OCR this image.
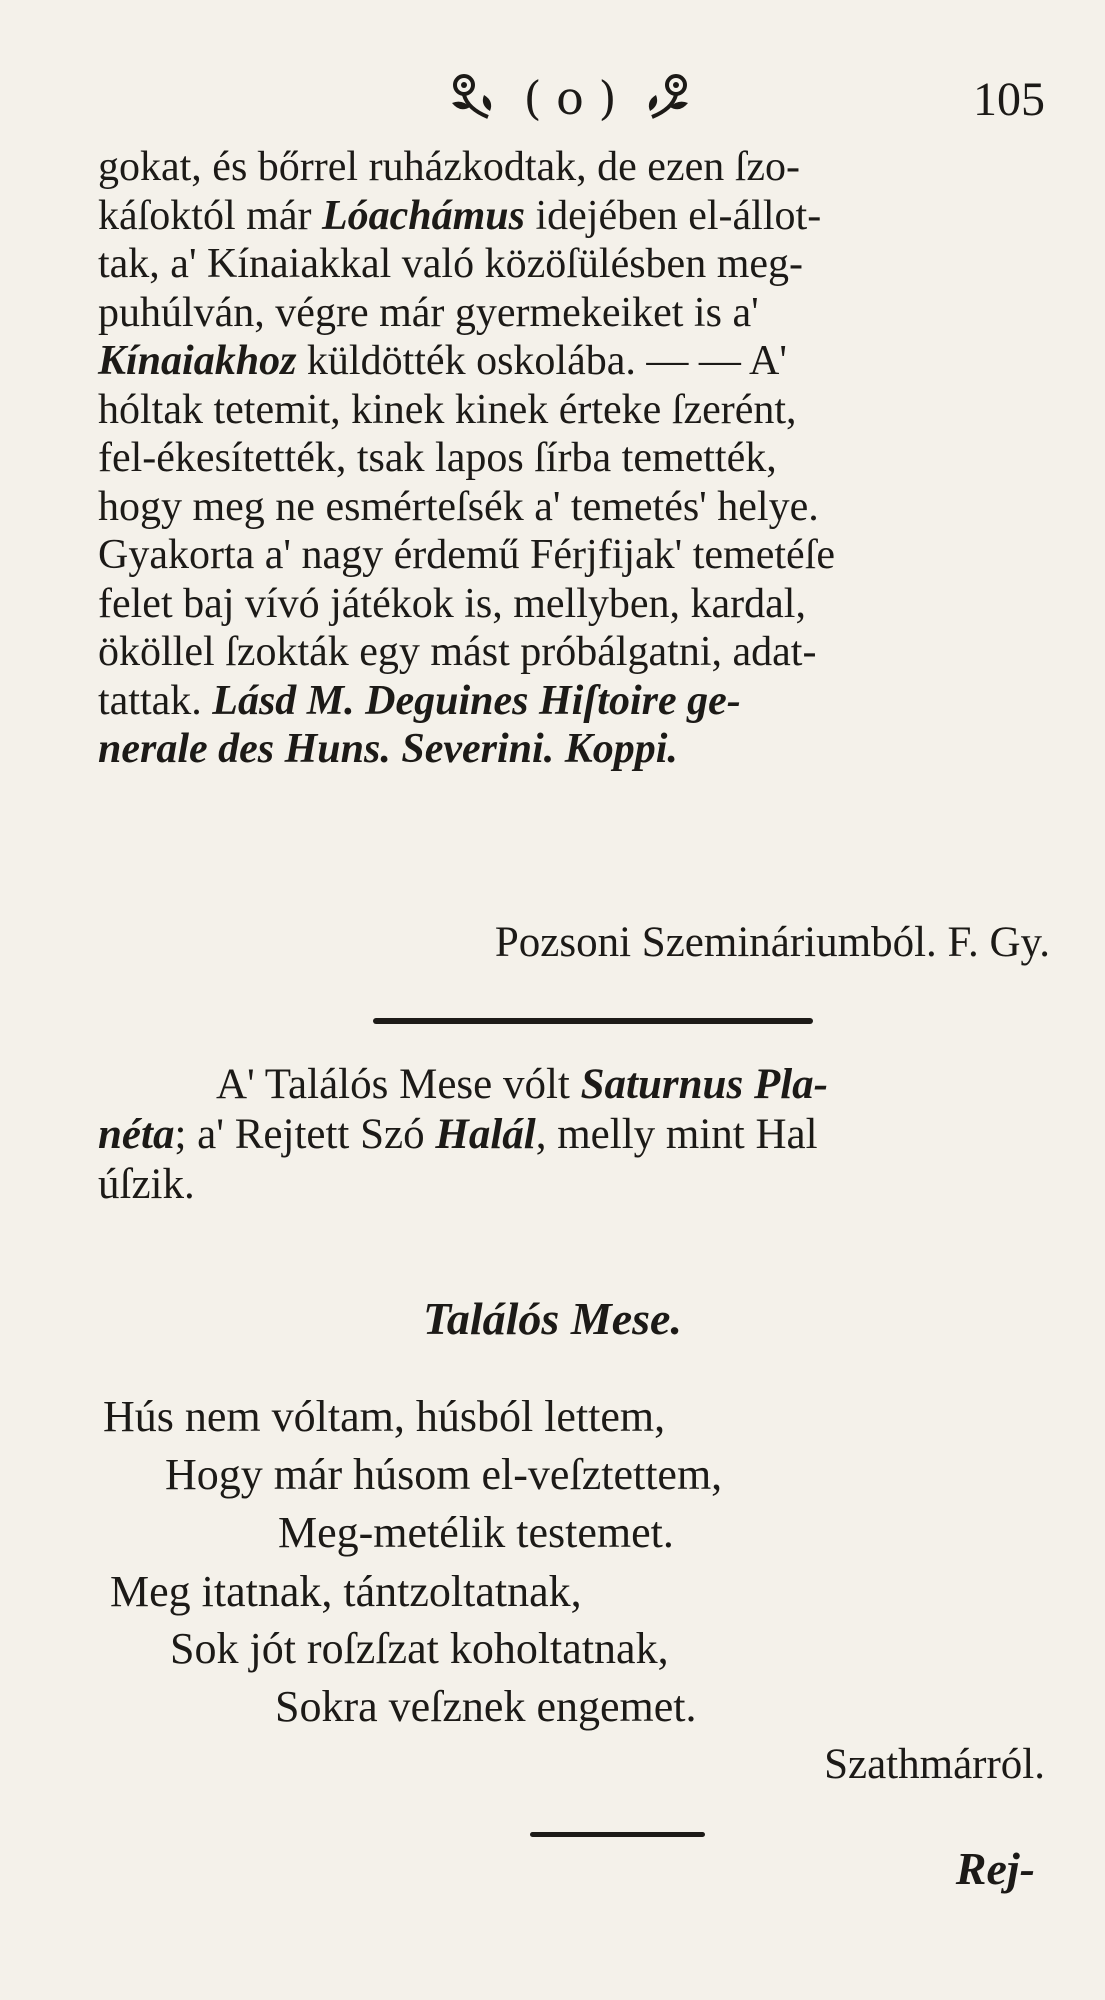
( o )	105
gokat, és bőrrel ruházkodtak, de ezen ſzo-
káſoktól már Lóachámus idejében el-állot-
tak, a' Kínaiakkal való közöſülésben meg-
puhúlván, végre már gyermekeiket is a'
Kínaiakhoz küldötték oskolába. — — A'
hóltak tetemit, kinek kinek érteke ſzerént,
fel-ékesítették, tsak lapos ſírba temették,
hogy meg ne esmérteſsék a' temetés' helye.
Gyakorta a' nagy érdemű Férjfijak' temetéſe
felet baj vívó játékok is, mellyben, kardal,
ököllel ſzokták egy mást próbálgatni, adat-
tattak. Lásd M. Deguines Hiſtoire ge-
nerale des Huns. Severini. Koppi.
Pozsoni Szemináriumból. F. Gy.
A' Találós Mese vólt Saturnus Pla-
néta; a' Rejtett Szó Halál, melly mint Hal
úſzik.
Találós Mese.
Hús nem vóltam, húsból lettem,
Hogy már húsom el-veſztettem,
Meg-metélik testemet.
Meg itatnak, tántzoltatnak,
Sok jót roſzſzat koholtatnak,
Sokra veſznek engemet.
Szathmárról.
Rej-
